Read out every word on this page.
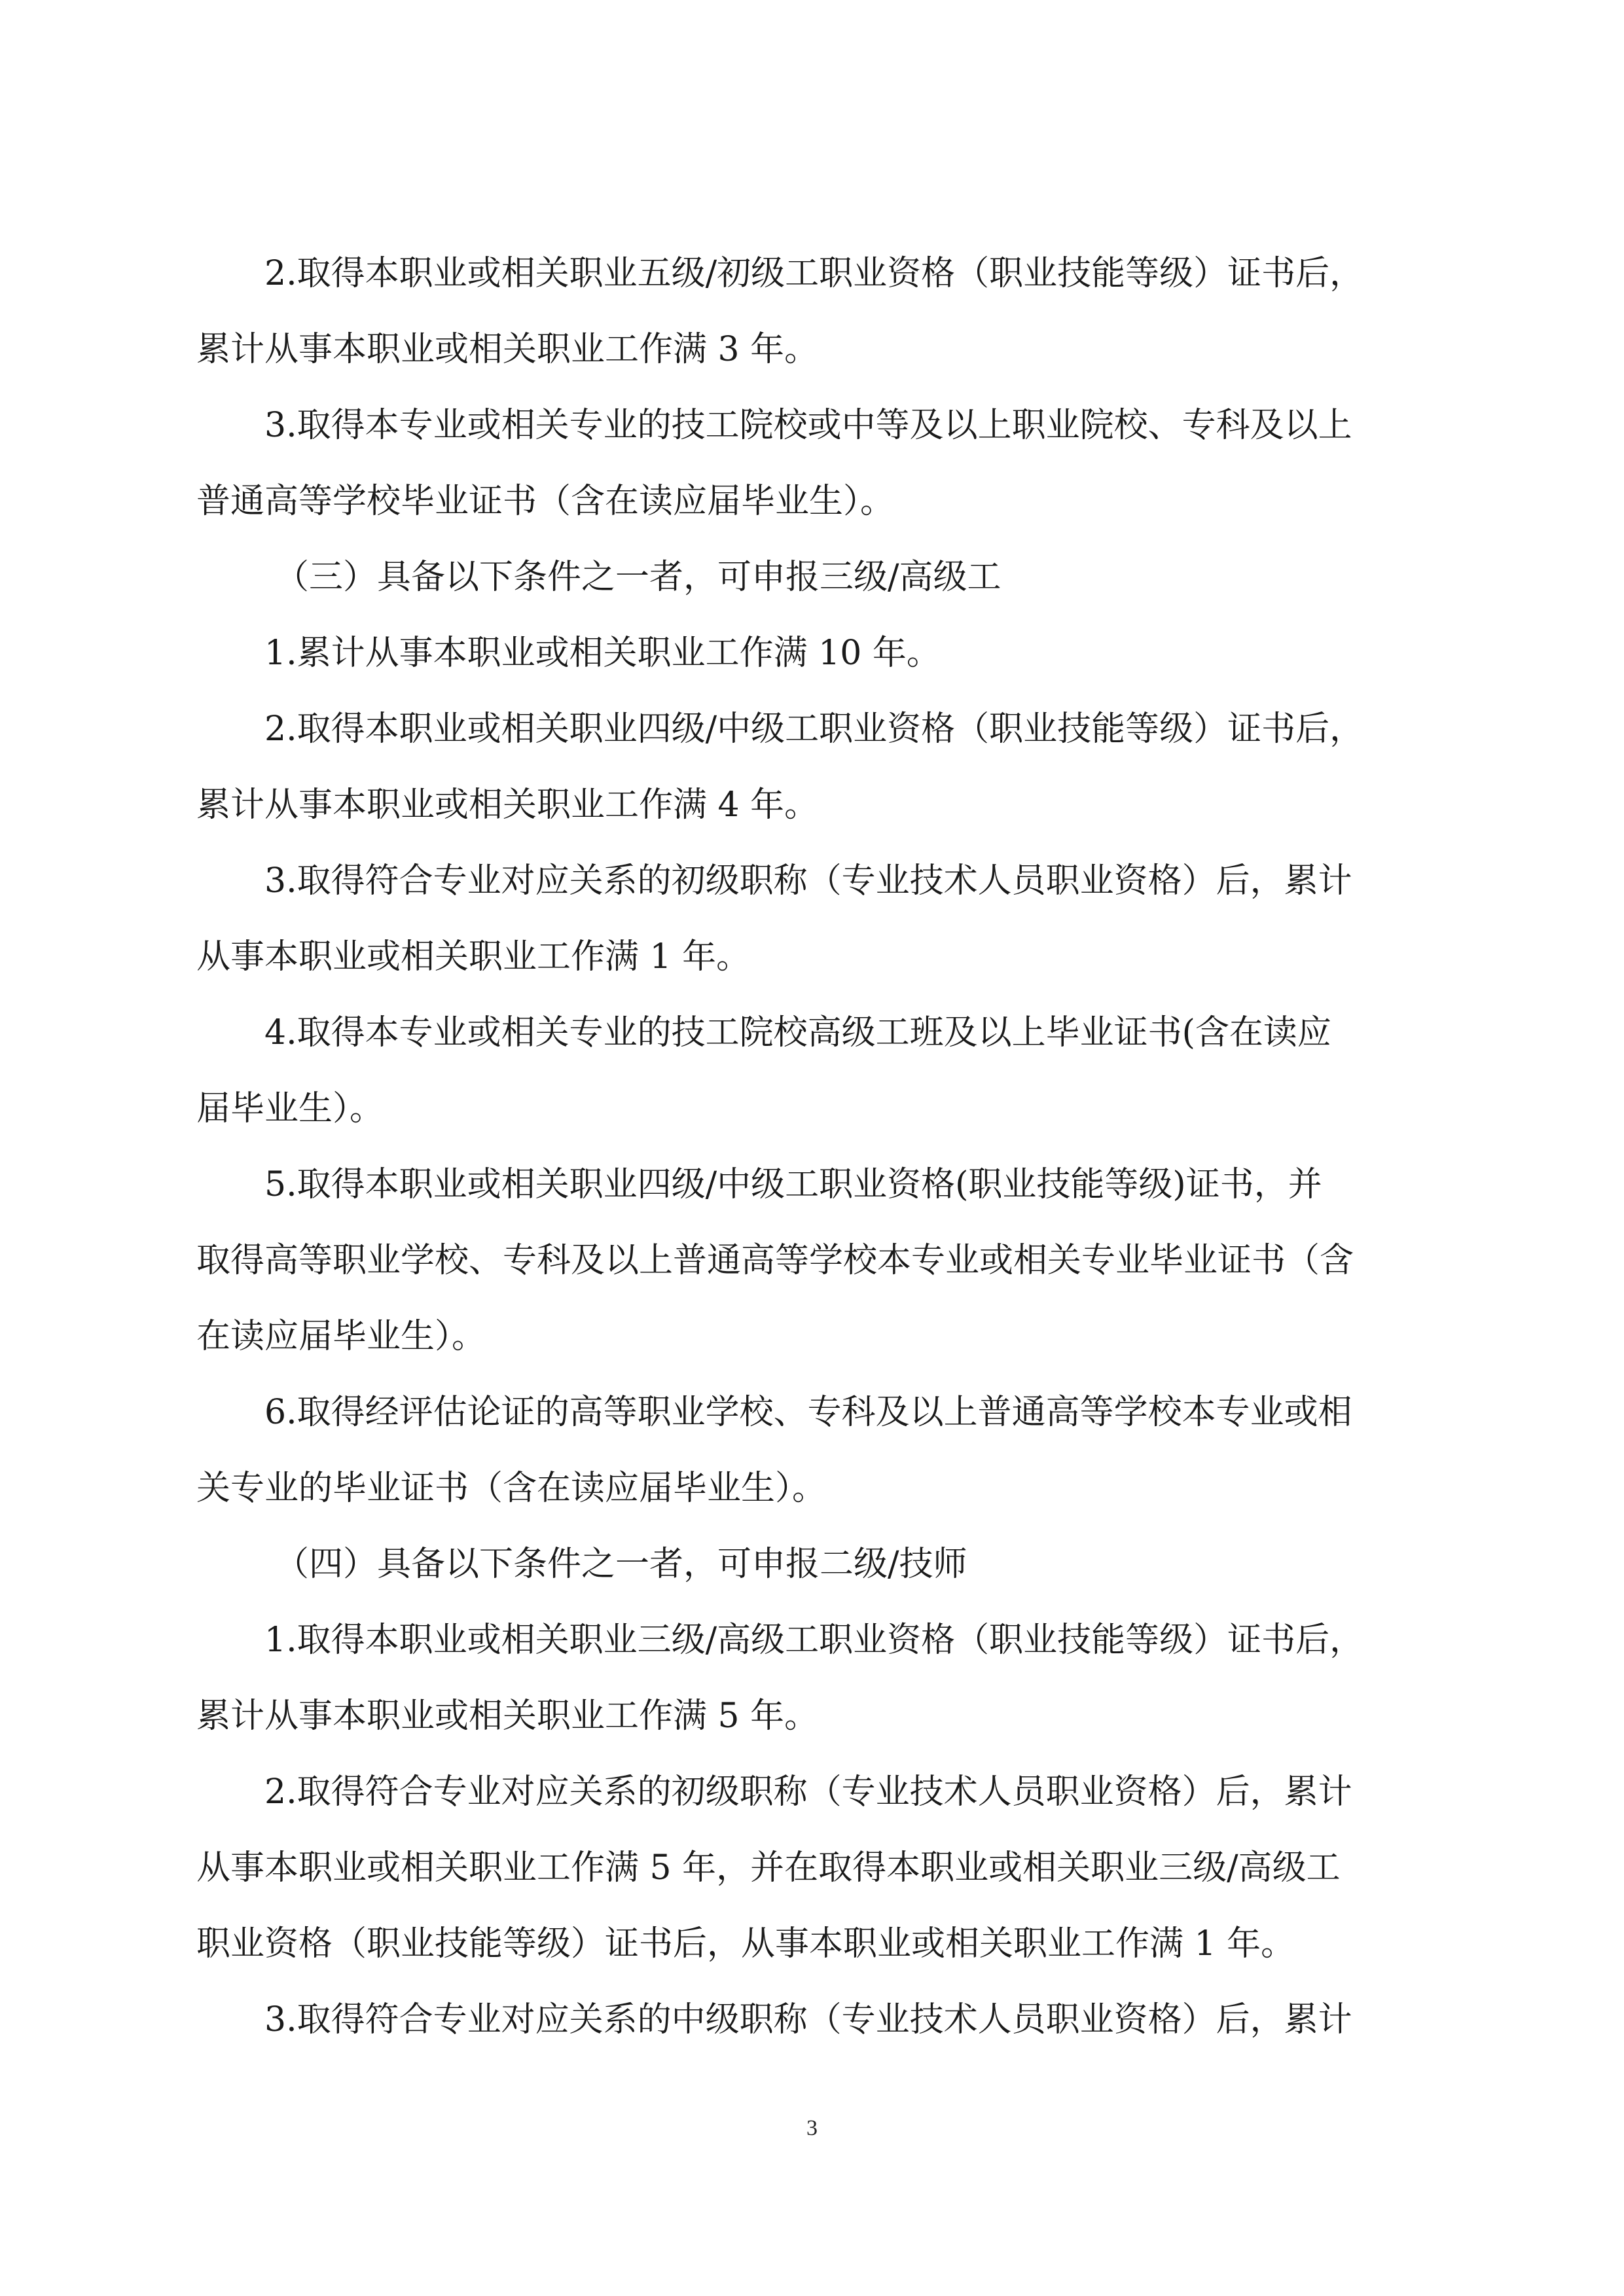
2.取得本职业或相关职业五级/初级工职业资格（职业技能等级）证书后，

累计从事本职业或相关职业工作满 3 年。

3.取得本专业或相关专业的技工院校或中等及以上职业院校、专科及以上

普通高等学校毕业证书（含在读应届毕业生）。

（三）具备以下条件之一者，可申报三级/高级工

1.累计从事本职业或相关职业工作满 10 年。

2.取得本职业或相关职业四级/中级工职业资格（职业技能等级）证书后，

累计从事本职业或相关职业工作满 4 年。

3.取得符合专业对应关系的初级职称（专业技术人员职业资格）后，累计

从事本职业或相关职业工作满 1 年。

4.取得本专业或相关专业的技工院校高级工班及以上毕业证书(含在读应

届毕业生）。

5.取得本职业或相关职业四级/中级工职业资格(职业技能等级)证书，并

取得高等职业学校、专科及以上普通高等学校本专业或相关专业毕业证书（含

在读应届毕业生）。

6.取得经评估论证的高等职业学校、专科及以上普通高等学校本专业或相

关专业的毕业证书（含在读应届毕业生）。

（四）具备以下条件之一者，可申报二级/技师

1.取得本职业或相关职业三级/高级工职业资格（职业技能等级）证书后，

累计从事本职业或相关职业工作满 5 年。

2.取得符合专业对应关系的初级职称（专业技术人员职业资格）后，累计

从事本职业或相关职业工作满 5 年，并在取得本职业或相关职业三级/高级工

职业资格（职业技能等级）证书后，从事本职业或相关职业工作满 1 年。

3.取得符合专业对应关系的中级职称（专业技术人员职业资格）后，累计

3
